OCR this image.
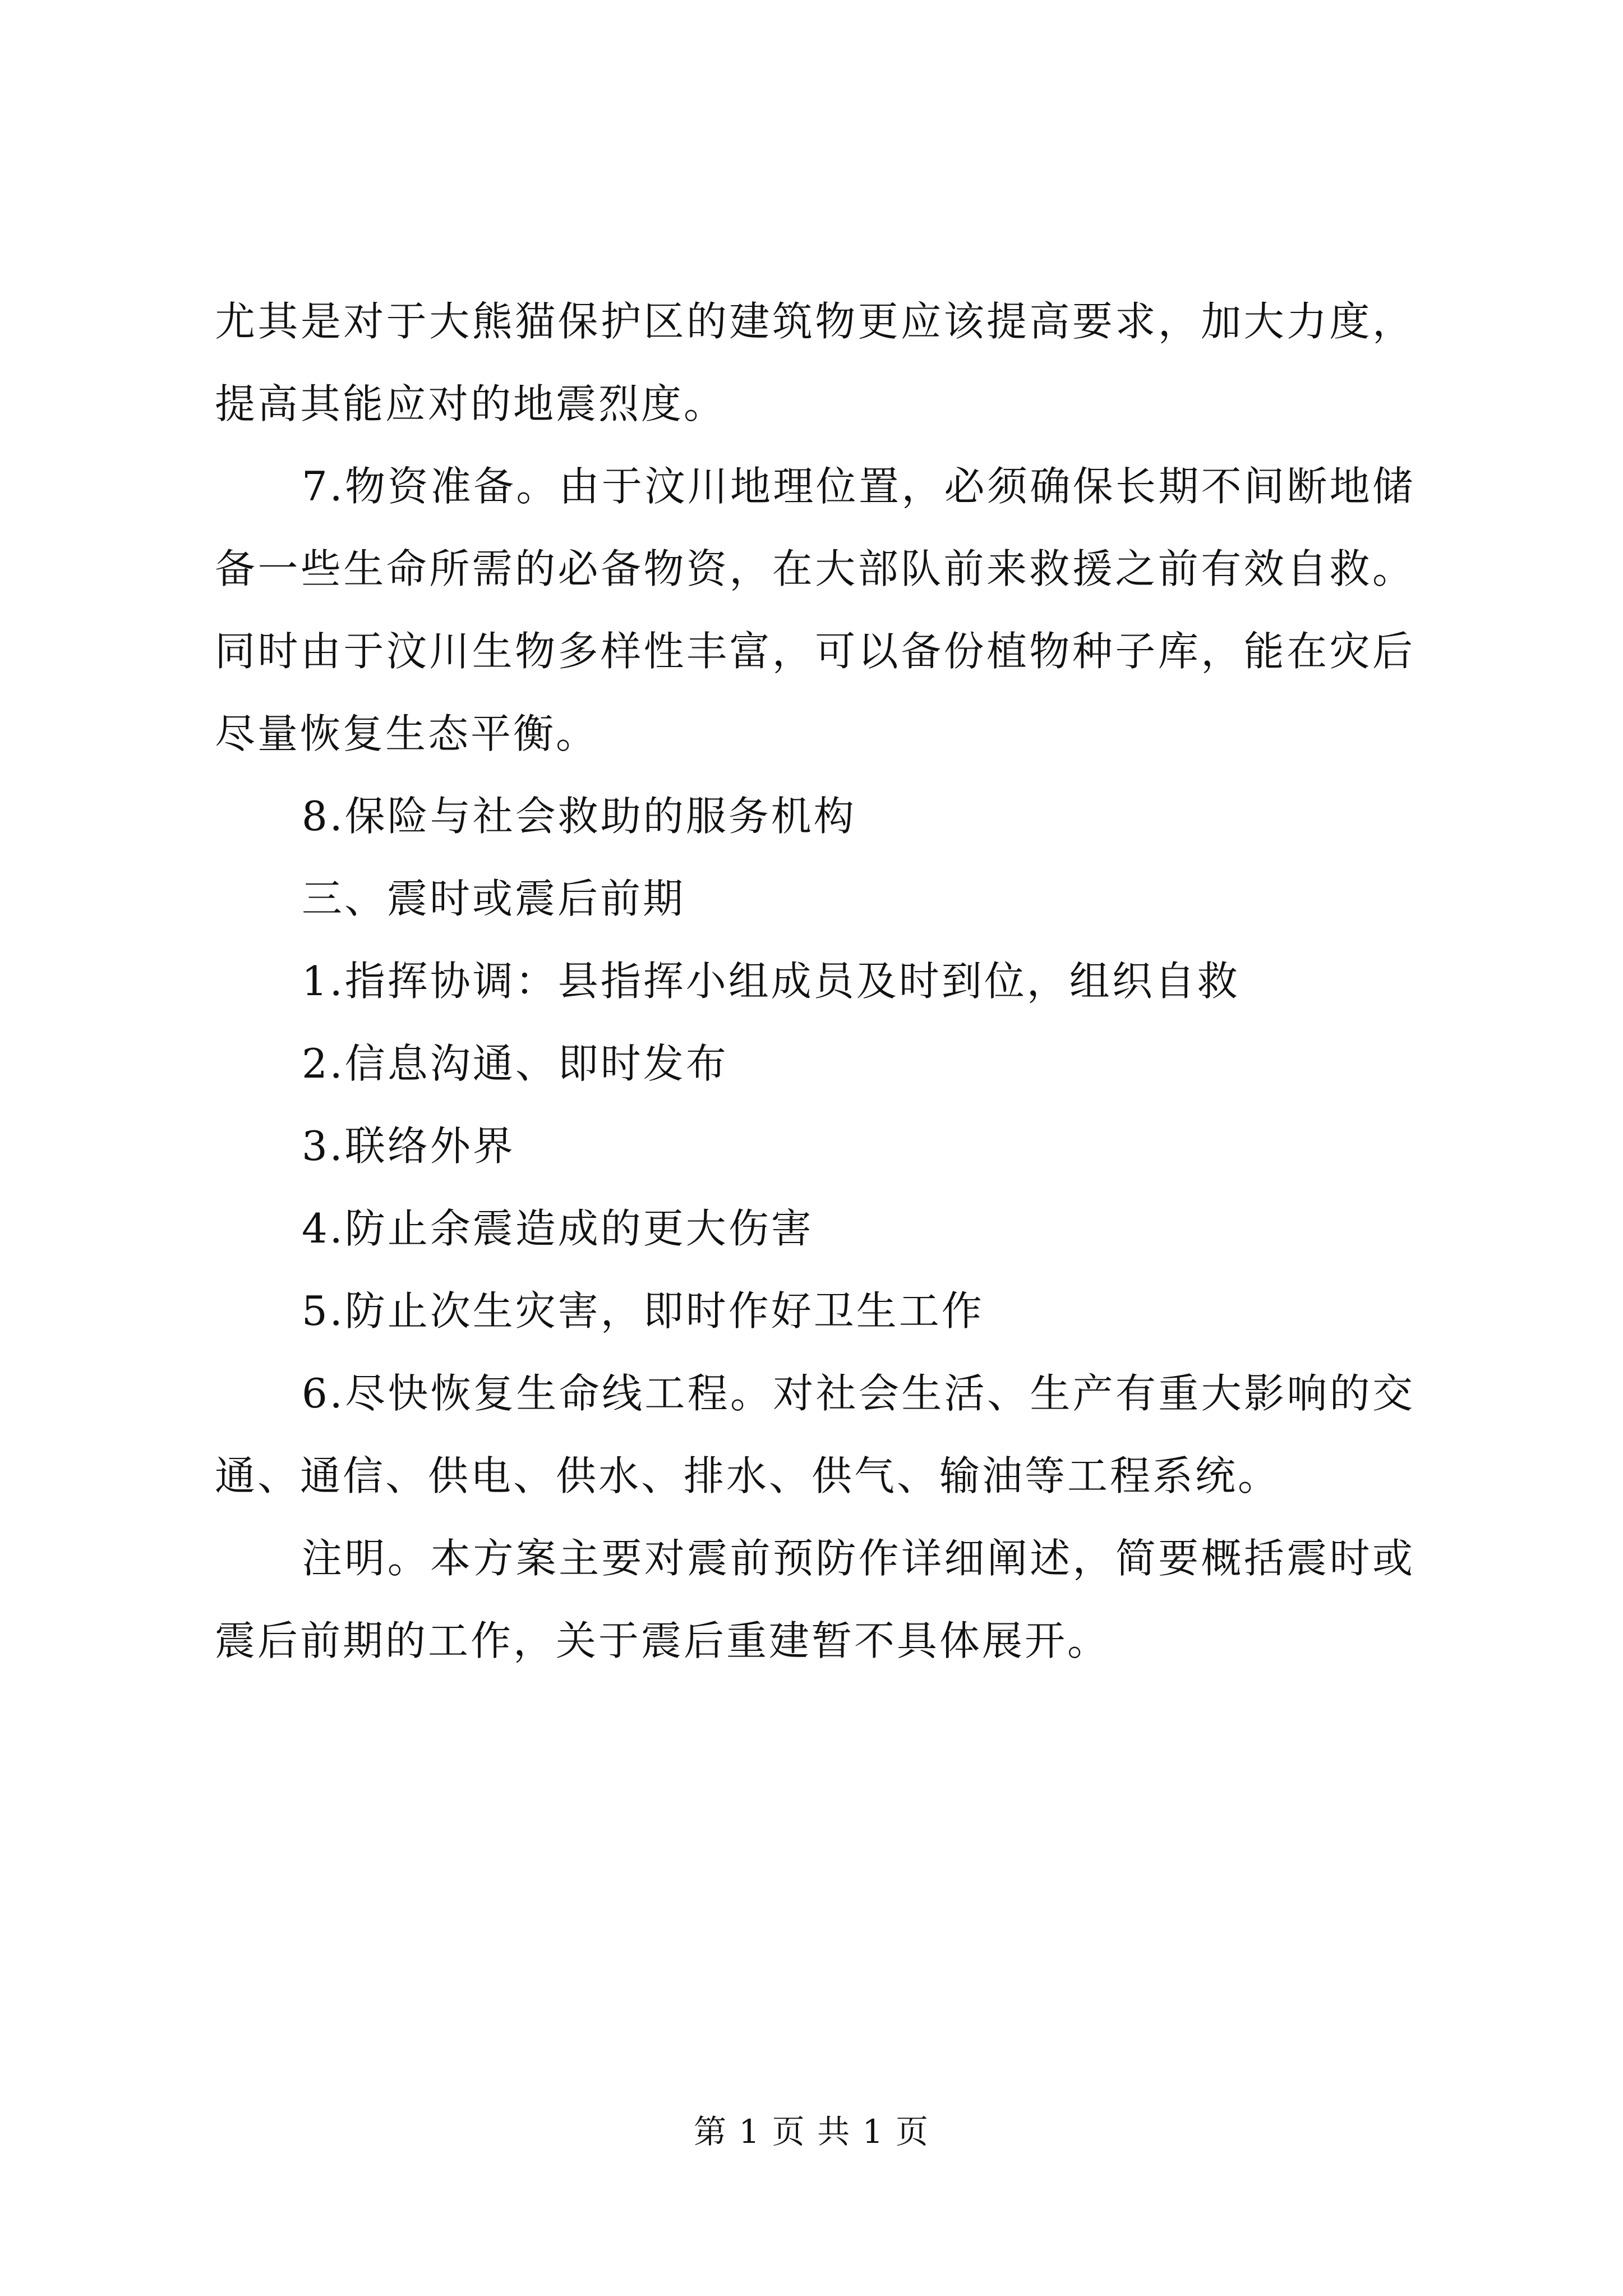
尤其是对于大熊猫保护区的建筑物更应该提高要求，加大力度，提高其能应对的地震烈度。

7.物资准备。由于汶川地理位置，必须确保长期不间断地储备一些生命所需的必备物资，在大部队前来救援之前有效自救。同时由于汶川生物多样性丰富，可以备份植物种子库，能在灾后尽量恢复生态平衡。

8.保险与社会救助的服务机构

三、震时或震后前期

1.指挥协调：县指挥小组成员及时到位，组织自救

2.信息沟通、即时发布

3.联络外界

4.防止余震造成的更大伤害

5.防止次生灾害，即时作好卫生工作

6.尽快恢复生命线工程。对社会生活、生产有重大影响的交通、通信、供电、供水、排水、供气、输油等工程系统。

注明。本方案主要对震前预防作详细阐述，简要概括震时或震后前期的工作，关于震后重建暂不具体展开。

第 1 页 共 1 页
